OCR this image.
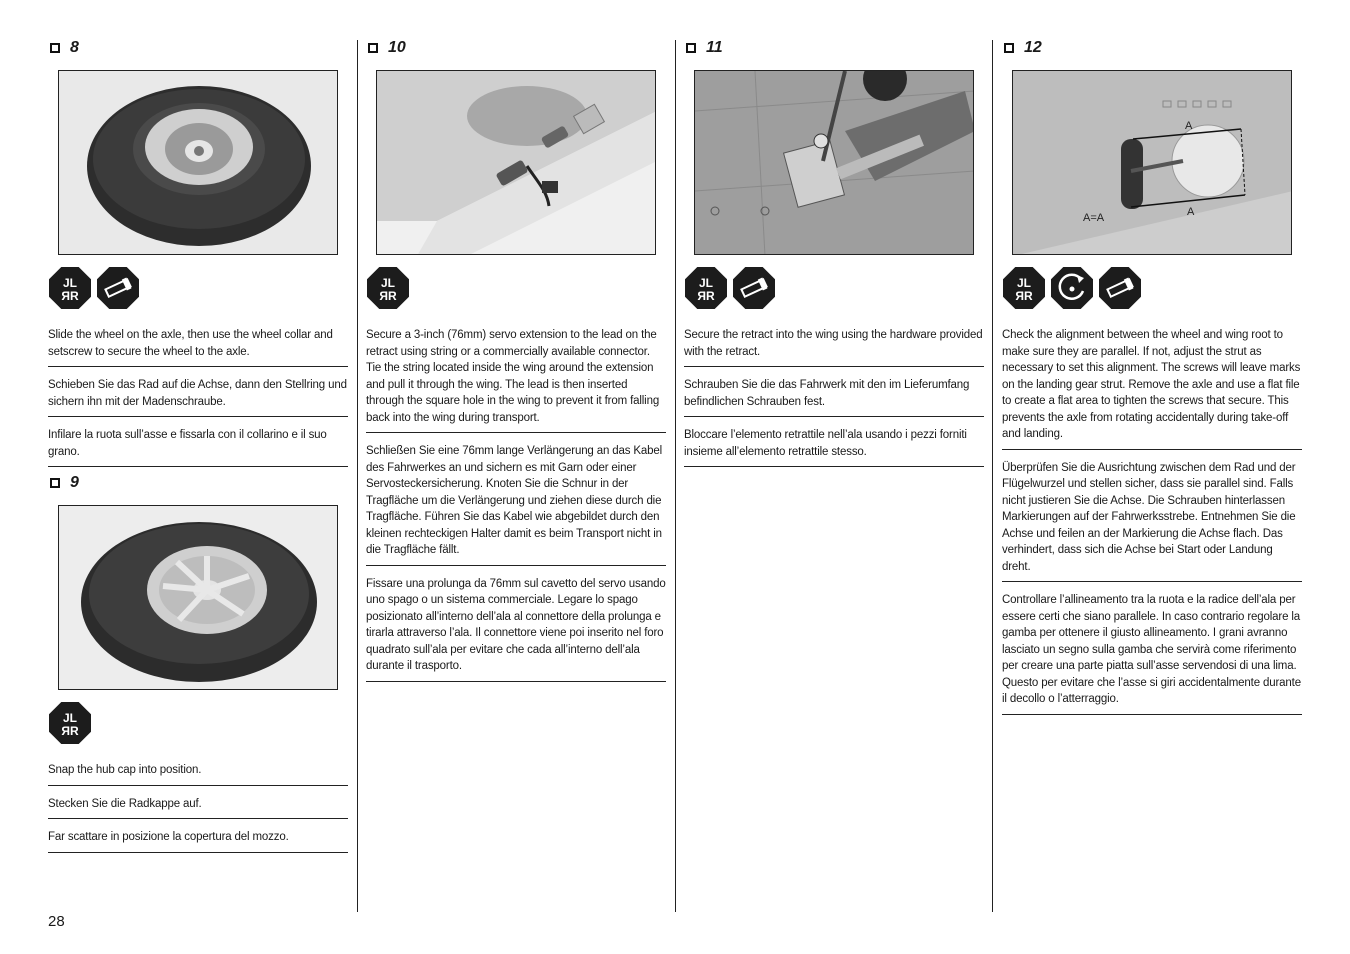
8
JL
ЯR
Slide the wheel on the axle, then use the wheel collar and setscrew to secure the wheel to the axle.
Schieben Sie das Rad auf die Achse, dann den Stellring und sichern ihn mit der Madenschraube.
Infilare la ruota sull’asse e fissarla con il collarino e il suo grano.
9
JL
ЯR
Snap the hub cap into position.
Stecken Sie die Radkappe auf.
Far scattare in posizione la copertura del mozzo.
10
JL
ЯR
Secure a 3-inch (76mm) servo extension to the lead on the retract using string or a commercially available connector. Tie the string located inside the wing around the extension and pull it through the wing. The lead is then inserted through the square hole in the wing to prevent it from falling back into the wing during transport.
Schließen Sie eine 76mm lange Verlängerung an das Kabel des Fahrwerkes an und sichern es mit Garn oder einer Servosteckersicherung. Knoten Sie die Schnur in der Tragfläche um die Verlängerung und ziehen diese durch die Tragfläche. Führen Sie das Kabel wie abgebildet durch den kleinen rechteckigen Halter damit es beim Transport nicht in die Tragfläche fällt.
Fissare una prolunga da 76mm sul cavetto del servo usando uno spago o un sistema commerciale. Legare lo spago posizionato all’interno dell’ala al connettore della prolunga e tirarla attraverso l’ala. Il connettore viene poi inserito nel foro quadrato sull’ala per evitare che cada all’interno dell’ala durante il trasporto.
11
JL
ЯR
Secure the retract into the wing using the hardware provided with the retract.
Schrauben Sie die das Fahrwerk mit den im Lieferumfang befindlichen Schrauben fest.
Bloccare l’elemento retrattile nell’ala usando i pezzi forniti insieme all’elemento retrattile stesso.
12
A
A
A=A
JL
ЯR
Check the alignment between the wheel and wing root to make sure they are parallel. If not, adjust the strut as necessary to set this alignment. The screws will leave marks on the landing gear strut. Remove the axle and use a flat file to create a flat area to tighten the screws that secure. This prevents the axle from rotating accidentally during take-off and landing.
Überprüfen Sie die Ausrichtung zwischen dem Rad und der Flügelwurzel und stellen sicher, dass sie parallel sind. Falls nicht justieren Sie die Achse. Die Schrauben hinterlassen Markierungen auf der Fahrwerksstrebe. Entnehmen Sie die Achse und feilen an der Markierung die Achse flach. Das verhindert, dass sich die Achse bei Start oder Landung dreht.
Controllare l’allineamento tra la ruota e la radice dell’ala per essere certi che siano parallele. In caso contrario regolare la gamba per ottenere il giusto allineamento. I grani avranno lasciato un segno sulla gamba che servirà come riferimento per creare una parte piatta sull’asse servendosi di una lima. Questo per evitare che l’asse si giri accidentalmente durante il decollo o l’atterraggio.
28
